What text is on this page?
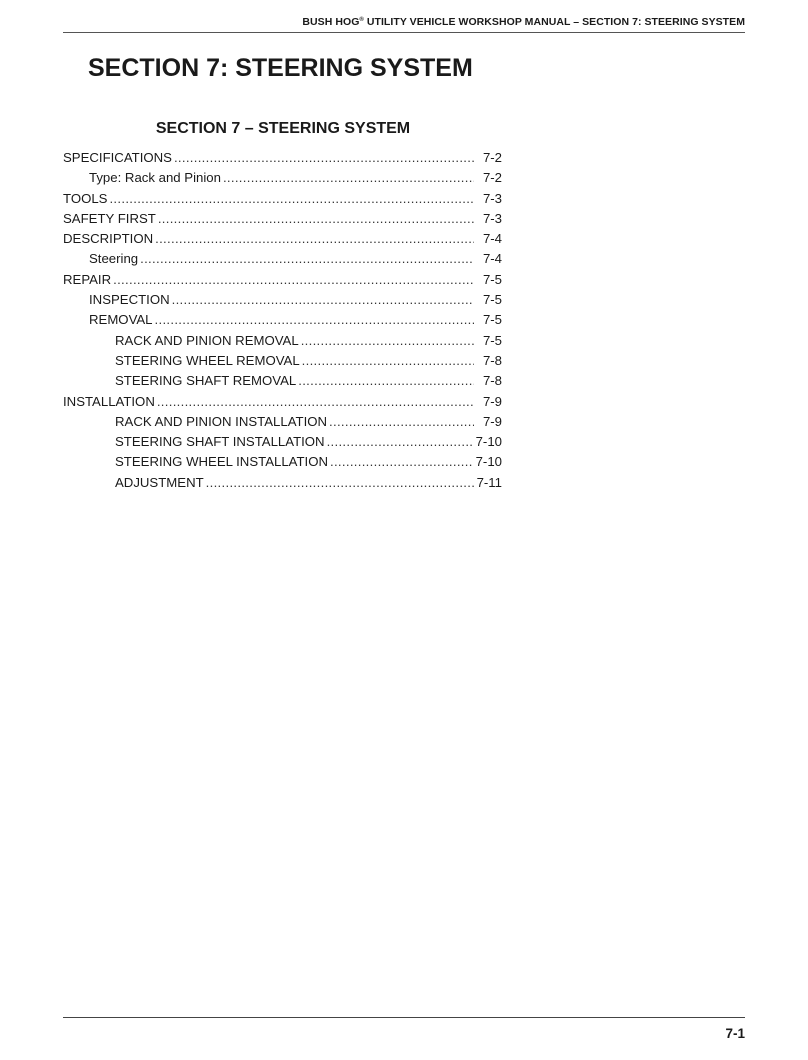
BUSH HOG® UTILITY VEHICLE WORKSHOP MANUAL – SECTION 7: STEERING SYSTEM
SECTION 7: STEERING SYSTEM
SECTION 7 – STEERING SYSTEM
SPECIFICATIONS .....	7-2
Type: Rack and Pinion .....	7-2
TOOLS .....	7-3
SAFETY FIRST .....	7-3
DESCRIPTION .....	7-4
Steering .....	7-4
REPAIR .....	7-5
INSPECTION .....	7-5
REMOVAL .....	7-5
RACK AND PINION REMOVAL .....	7-5
STEERING WHEEL REMOVAL .....	7-8
STEERING SHAFT REMOVAL .....	7-8
INSTALLATION .....	7-9
RACK AND PINION INSTALLATION .....	7-9
STEERING SHAFT INSTALLATION .....	7-10
STEERING WHEEL INSTALLATION .....	7-10
ADJUSTMENT .....	7-11
7-1
